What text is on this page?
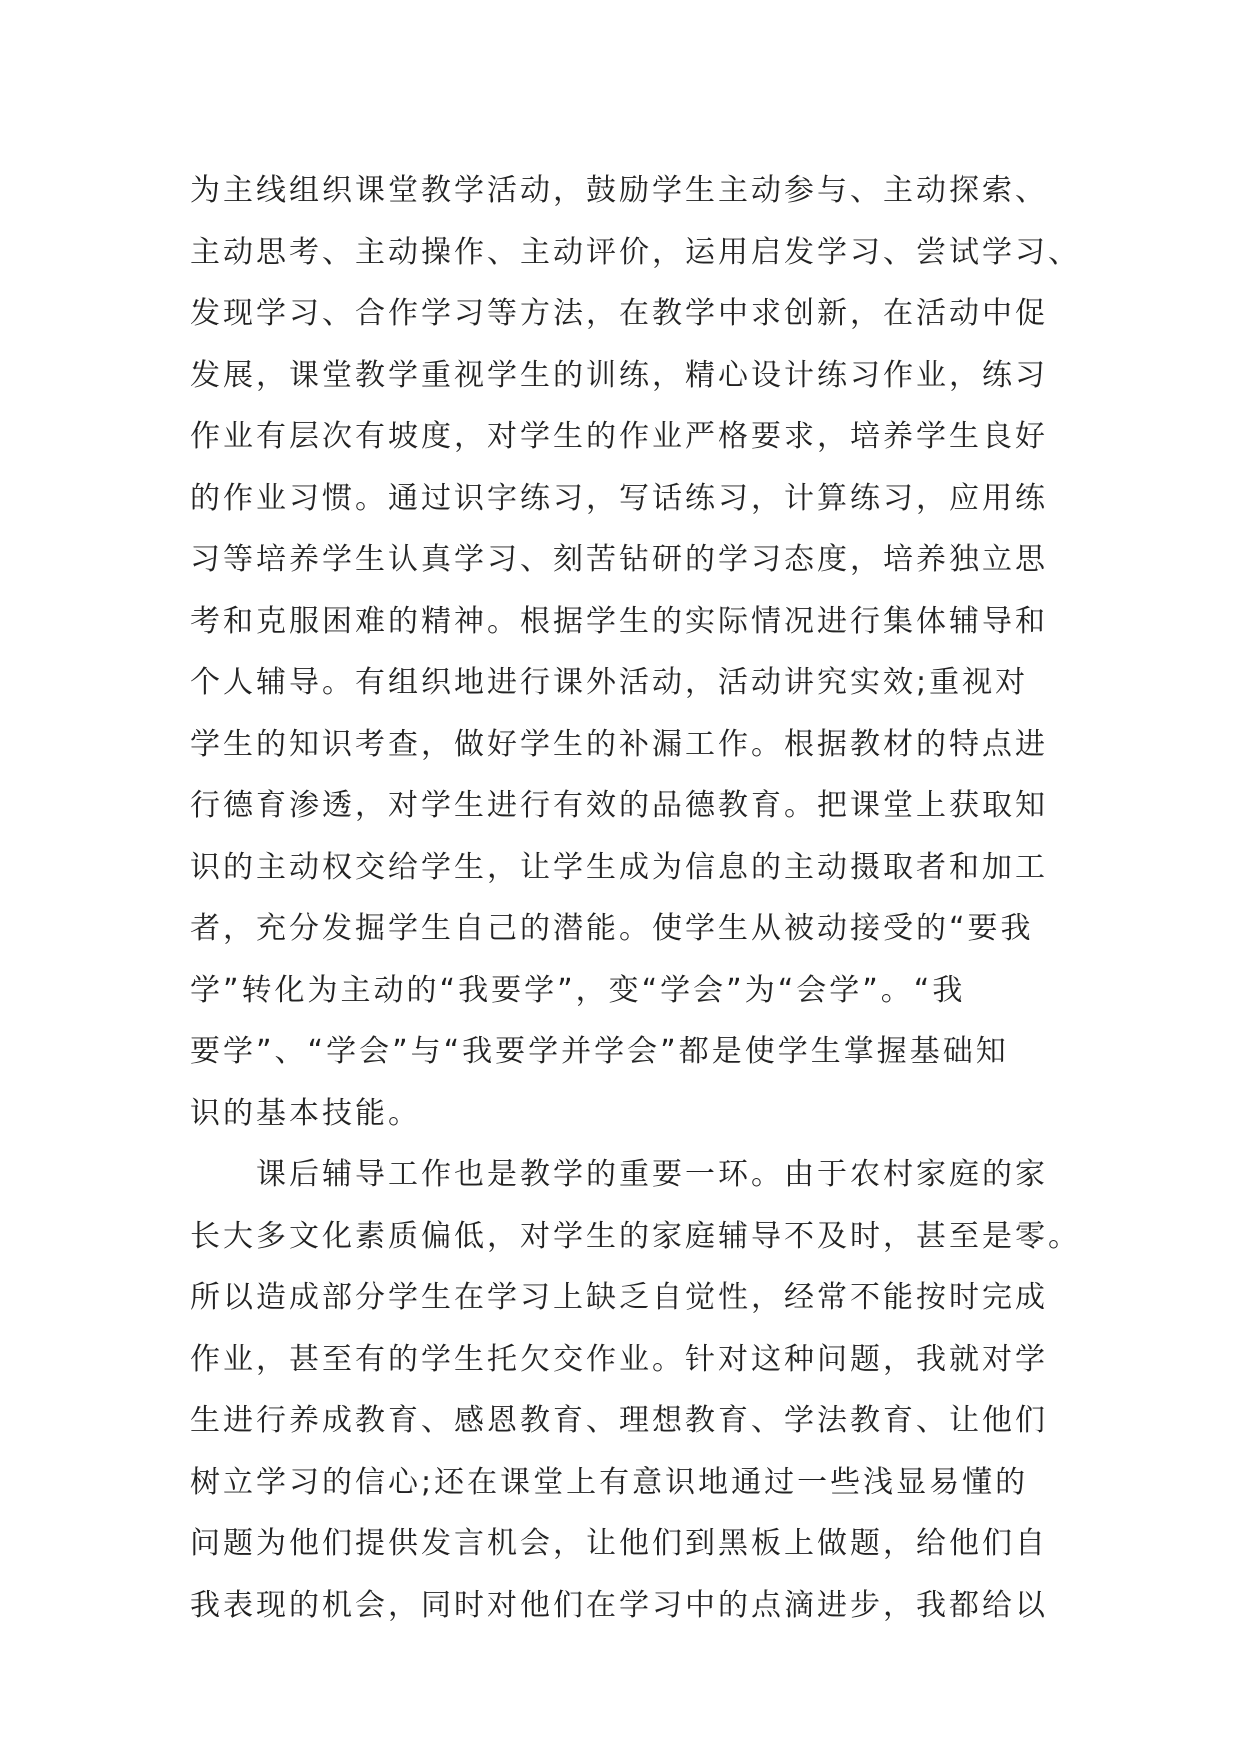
为主线组织课堂教学活动，鼓励学生主动参与、主动探索、
主动思考、主动操作、主动评价，运用启发学习、尝试学习、
发现学习、合作学习等方法，在教学中求创新，在活动中促
发展，课堂教学重视学生的训练，精心设计练习作业，练习
作业有层次有坡度，对学生的作业严格要求，培养学生良好
的作业习惯。通过识字练习，写话练习，计算练习，应用练
习等培养学生认真学习、刻苦钻研的学习态度，培养独立思
考和克服困难的精神。根据学生的实际情况进行集体辅导和
个人辅导。有组织地进行课外活动，活动讲究实效;重视对
学生的知识考查，做好学生的补漏工作。根据教材的特点进
行德育渗透，对学生进行有效的品德教育。把课堂上获取知
识的主动权交给学生，让学生成为信息的主动摄取者和加工
者，充分发掘学生自己的潜能。使学生从被动接受的“要我
学”转化为主动的“我要学”，变“学会”为“会学”。“我
要学”、“学会”与“我要学并学会”都是使学生掌握基础知
识的基本技能。
　　课后辅导工作也是教学的重要一环。由于农村家庭的家
长大多文化素质偏低，对学生的家庭辅导不及时，甚至是零。
所以造成部分学生在学习上缺乏自觉性，经常不能按时完成
作业，甚至有的学生托欠交作业。针对这种问题，我就对学
生进行养成教育、感恩教育、理想教育、学法教育、让他们
树立学习的信心;还在课堂上有意识地通过一些浅显易懂的
问题为他们提供发言机会，让他们到黑板上做题，给他们自
我表现的机会，同时对他们在学习中的点滴进步，我都给以
